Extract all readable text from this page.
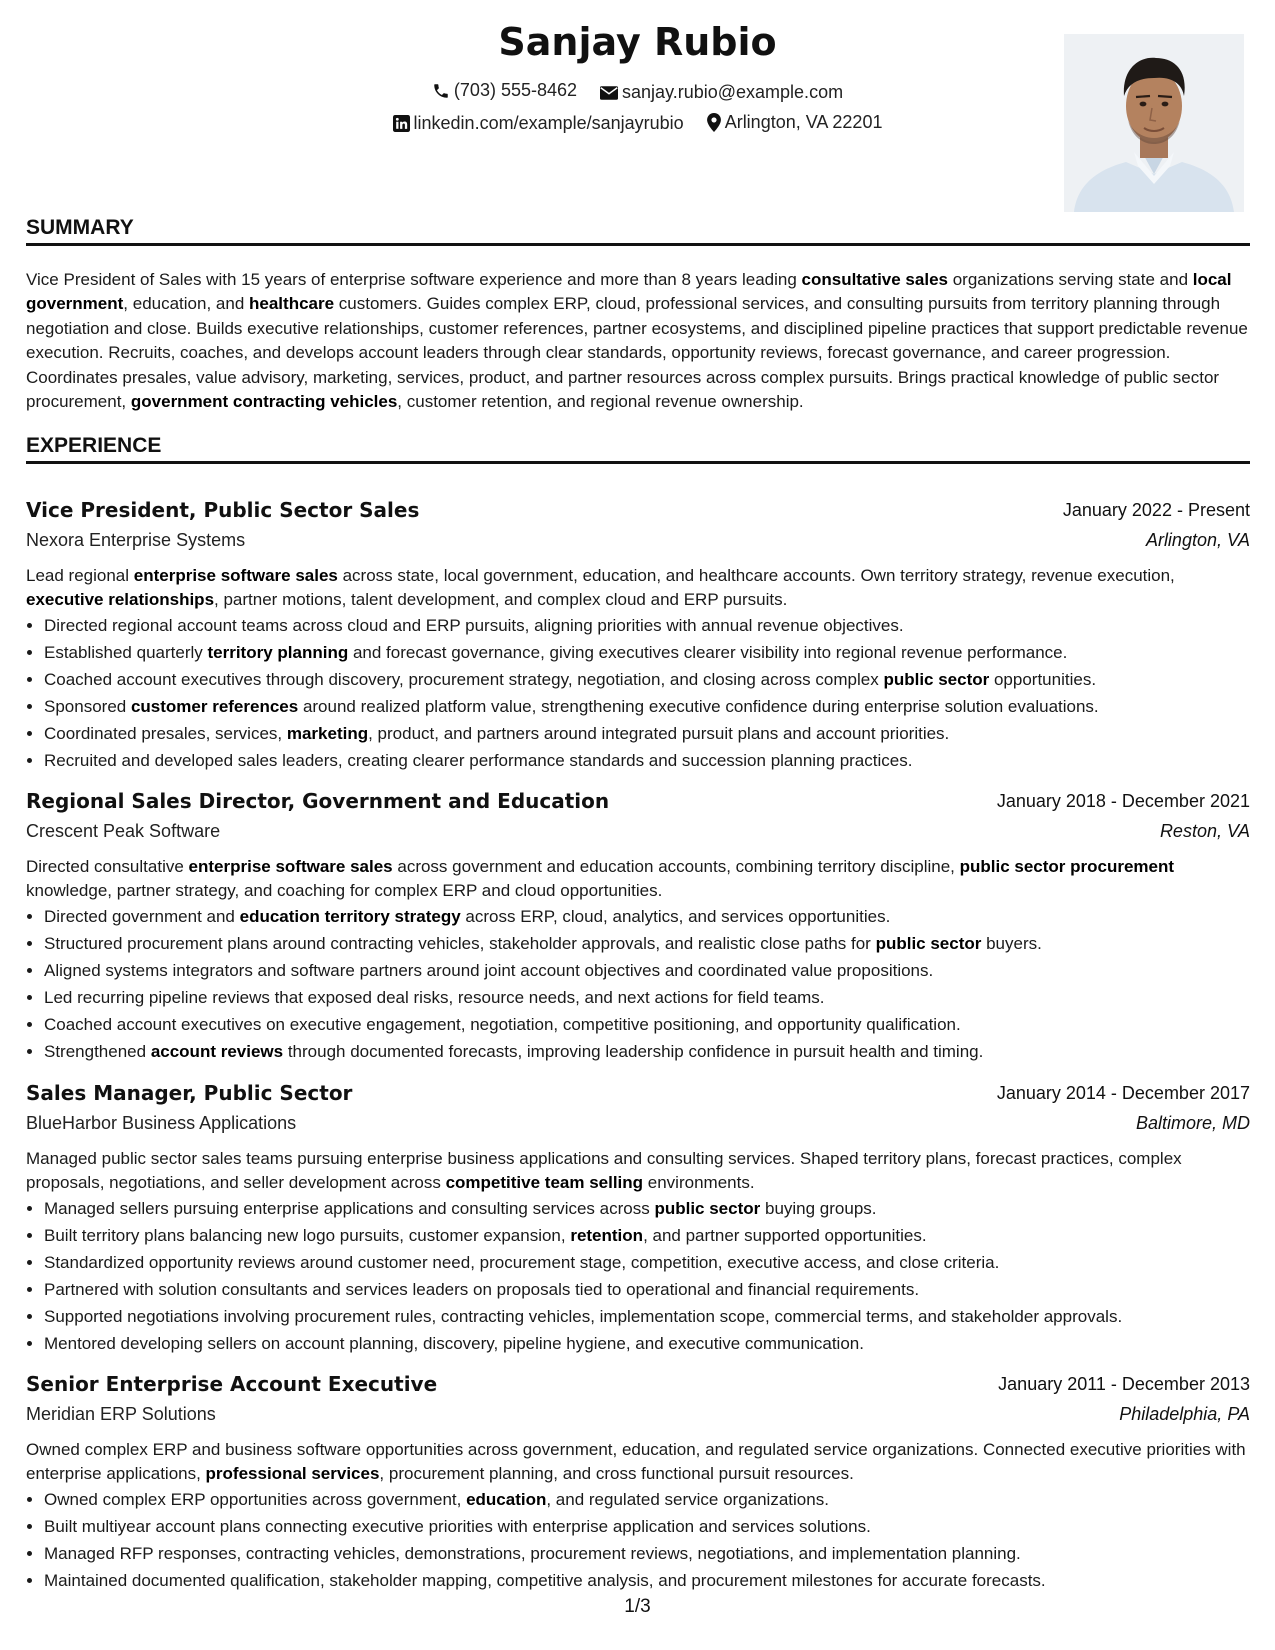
Sanjay Rubio
(703) 555-8462
	sanjay.rubio@example.com
linkedin.com/example/sanjayrubio
Arlington, VA 22201
SUMMARY
Vice President of Sales with 15 years of enterprise software experience and more than 8 years leading consultative sales organizations serving state and local government, education, and healthcare customers. Guides complex ERP, cloud, professional services, and consulting pursuits from territory planning through negotiation and close. Builds executive relationships, customer references, partner ecosystems, and disciplined pipeline practices that support predictable revenue execution. Recruits, coaches, and develops account leaders through clear standards, opportunity reviews, forecast governance, and career progression. Coordinates presales, value advisory, marketing, services, product, and partner resources across complex pursuits. Brings practical knowledge of public sector procurement, government contracting vehicles, customer retention, and regional revenue ownership.
EXPERIENCE
Vice President, Public Sector Sales	January 2022 - Present
Nexora Enterprise Systems	Arlington, VA
Lead regional enterprise software sales across state, local government, education, and healthcare accounts. Own territory strategy, revenue execution, executive relationships, partner motions, talent development, and complex cloud and ERP pursuits.
• Directed regional account teams across cloud and ERP pursuits, aligning priorities with annual revenue objectives.
• Established quarterly territory planning and forecast governance, giving executives clearer visibility into regional revenue performance.
• Coached account executives through discovery, procurement strategy, negotiation, and closing across complex public sector opportunities.
• Sponsored customer references around realized platform value, strengthening executive confidence during enterprise solution evaluations.
• Coordinated presales, services, marketing, product, and partners around integrated pursuit plans and account priorities.
• Recruited and developed sales leaders, creating clearer performance standards and succession planning practices.
Regional Sales Director, Government and Education	January 2018 - December 2021
Crescent Peak Software	Reston, VA
Directed consultative enterprise software sales across government and education accounts, combining territory discipline, public sector procurement knowledge, partner strategy, and coaching for complex ERP and cloud opportunities.
• Directed government and education territory strategy across ERP, cloud, analytics, and services opportunities.
• Structured procurement plans around contracting vehicles, stakeholder approvals, and realistic close paths for public sector buyers.
• Aligned systems integrators and software partners around joint account objectives and coordinated value propositions.
• Led recurring pipeline reviews that exposed deal risks, resource needs, and next actions for field teams.
• Coached account executives on executive engagement, negotiation, competitive positioning, and opportunity qualification.
• Strengthened account reviews through documented forecasts, improving leadership confidence in pursuit health and timing.
Sales Manager, Public Sector	January 2014 - December 2017
BlueHarbor Business Applications	Baltimore, MD
Managed public sector sales teams pursuing enterprise business applications and consulting services. Shaped territory plans, forecast practices, complex proposals, negotiations, and seller development across competitive team selling environments.
• Managed sellers pursuing enterprise applications and consulting services across public sector buying groups.
• Built territory plans balancing new logo pursuits, customer expansion, retention, and partner supported opportunities.
• Standardized opportunity reviews around customer need, procurement stage, competition, executive access, and close criteria.
• Partnered with solution consultants and services leaders on proposals tied to operational and financial requirements.
• Supported negotiations involving procurement rules, contracting vehicles, implementation scope, commercial terms, and stakeholder approvals.
• Mentored developing sellers on account planning, discovery, pipeline hygiene, and executive communication.
Senior Enterprise Account Executive	January 2011 - December 2013
Meridian ERP Solutions	Philadelphia, PA
Owned complex ERP and business software opportunities across government, education, and regulated service organizations. Connected executive priorities with enterprise applications, professional services, procurement planning, and cross functional pursuit resources.
• Owned complex ERP opportunities across government, education, and regulated service organizations.
• Built multiyear account plans connecting executive priorities with enterprise application and services solutions.
• Managed RFP responses, contracting vehicles, demonstrations, procurement reviews, negotiations, and implementation planning.
• Maintained documented qualification, stakeholder mapping, competitive analysis, and procurement milestones for accurate forecasts.
1/3
